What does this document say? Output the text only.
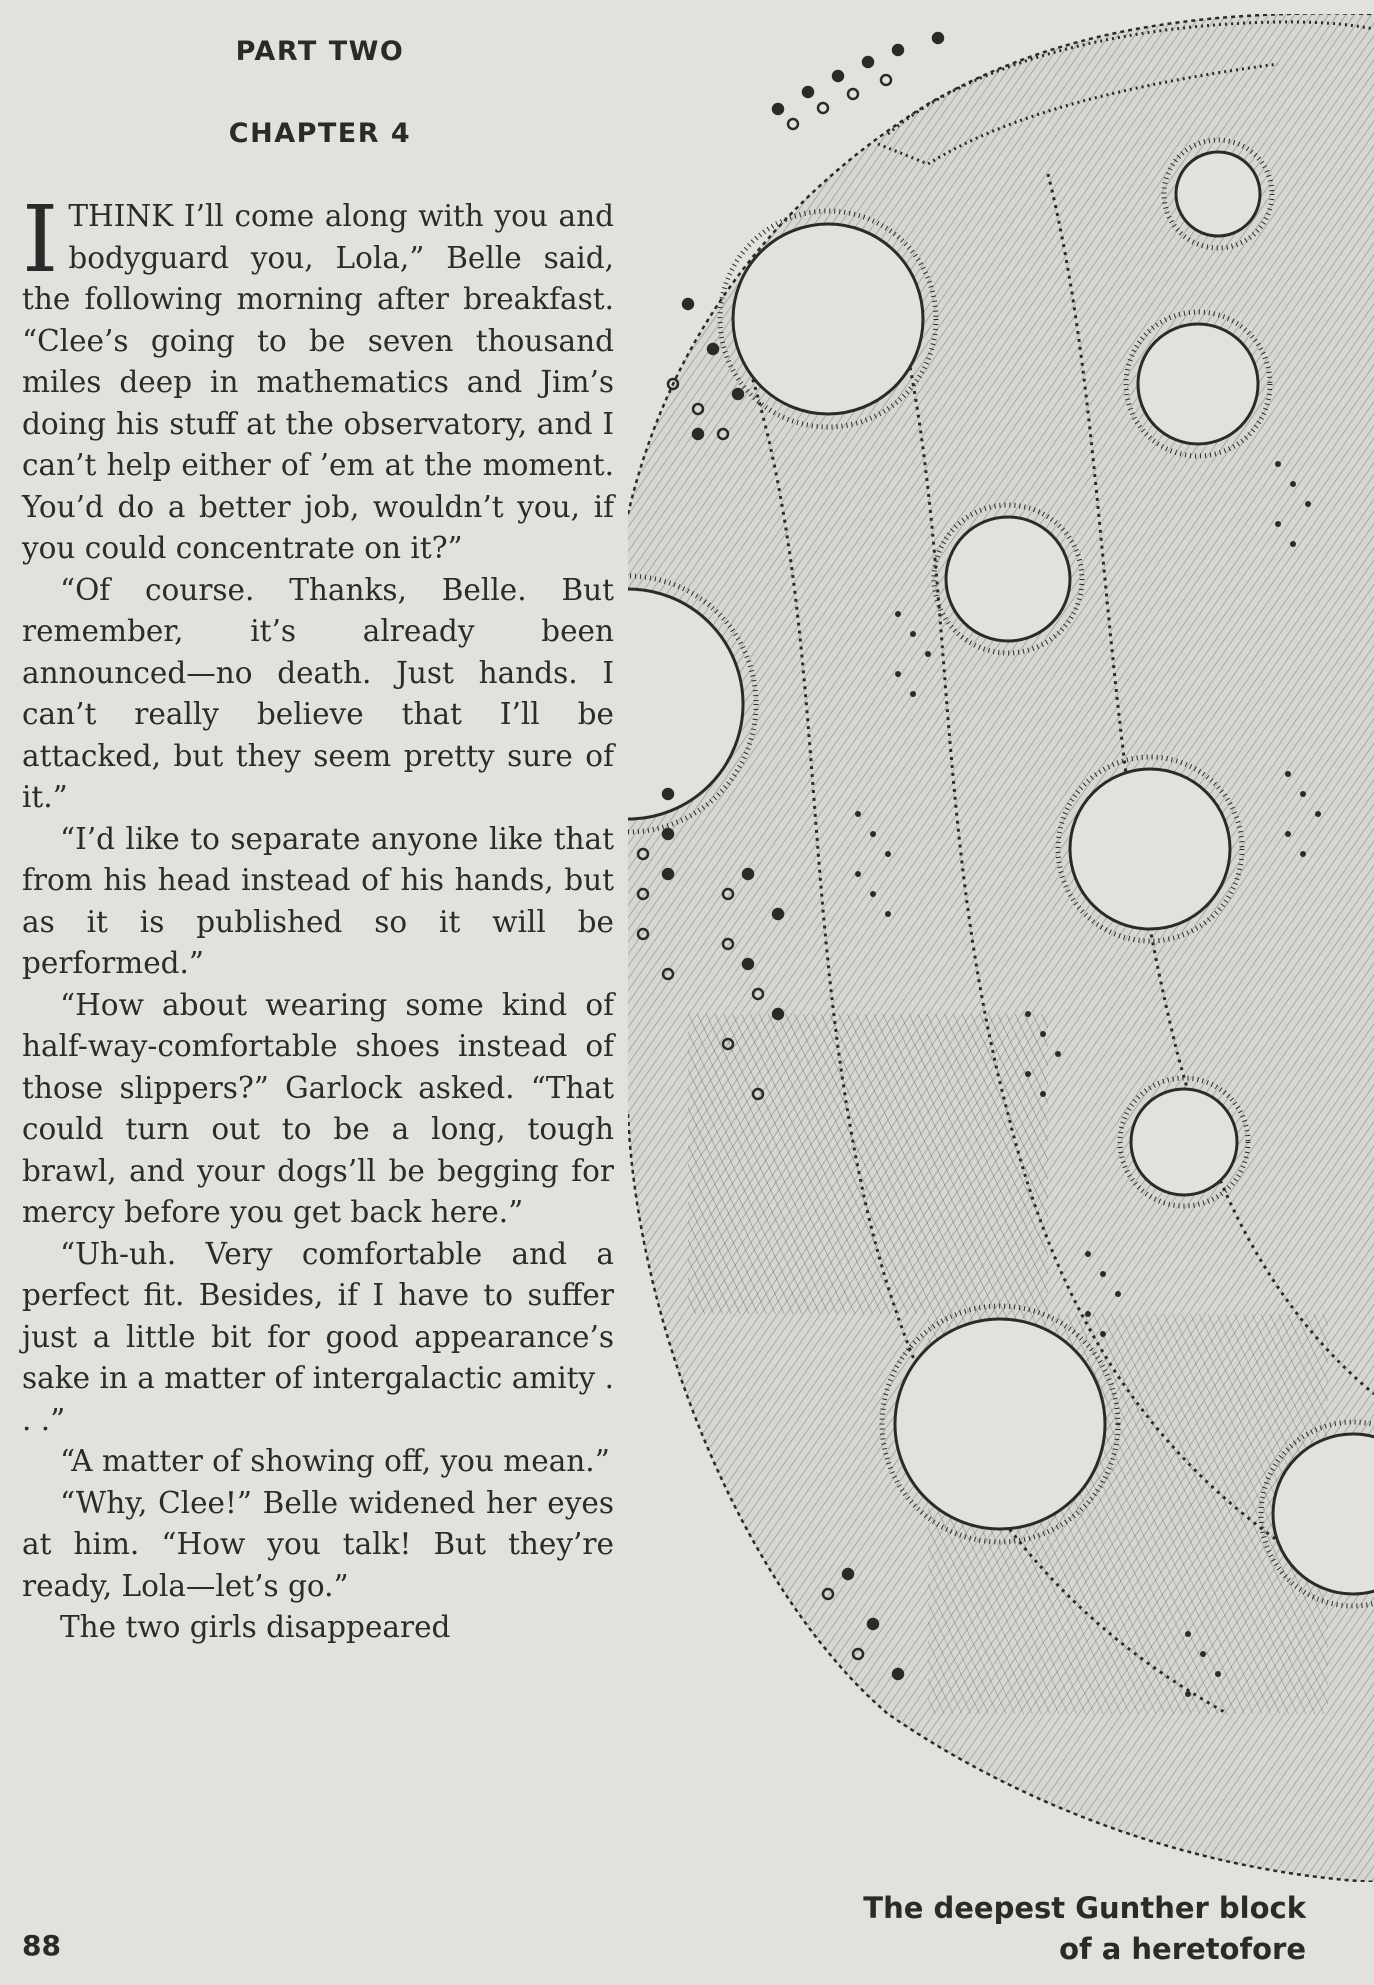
PART TWO
CHAPTER 4

ITHINK I’ll come along with you and bodyguard you, Lola,” Belle said, the following morning after breakfast. “Clee’s going to be seven thousand miles deep in mathematics and Jim’s doing his stuff at the observatory, and I can’t help either of ’em at the moment. You’d do a better job, wouldn’t you, if you could concentrate on it?”

“Of course. Thanks, Belle. But remember, it’s already been announced—no death. Just hands. I can’t really believe that I’ll be attacked, but they seem pretty sure of it.”

“I’d like to separate anyone like that from his head instead of his hands, but as it is published so it will be performed.”

“How about wearing some kind of half-way-comfortable shoes instead of those slippers?” Garlock asked. “That could turn out to be a long, tough brawl, and your dogs’ll be begging for mercy before you get back here.”

“Uh-uh. Very comfortable and a perfect fit. Besides, if I have to suffer just a little bit for good appearance’s sake in a matter of intergalactic amity . . .”

“A matter of showing off, you mean.”

“Why, Clee!” Belle widened her eyes at him. “How you talk! But they’re ready, Lola—let’s go.”

The two girls disappeared

The deepest Gunther block
of a heretofore
88
